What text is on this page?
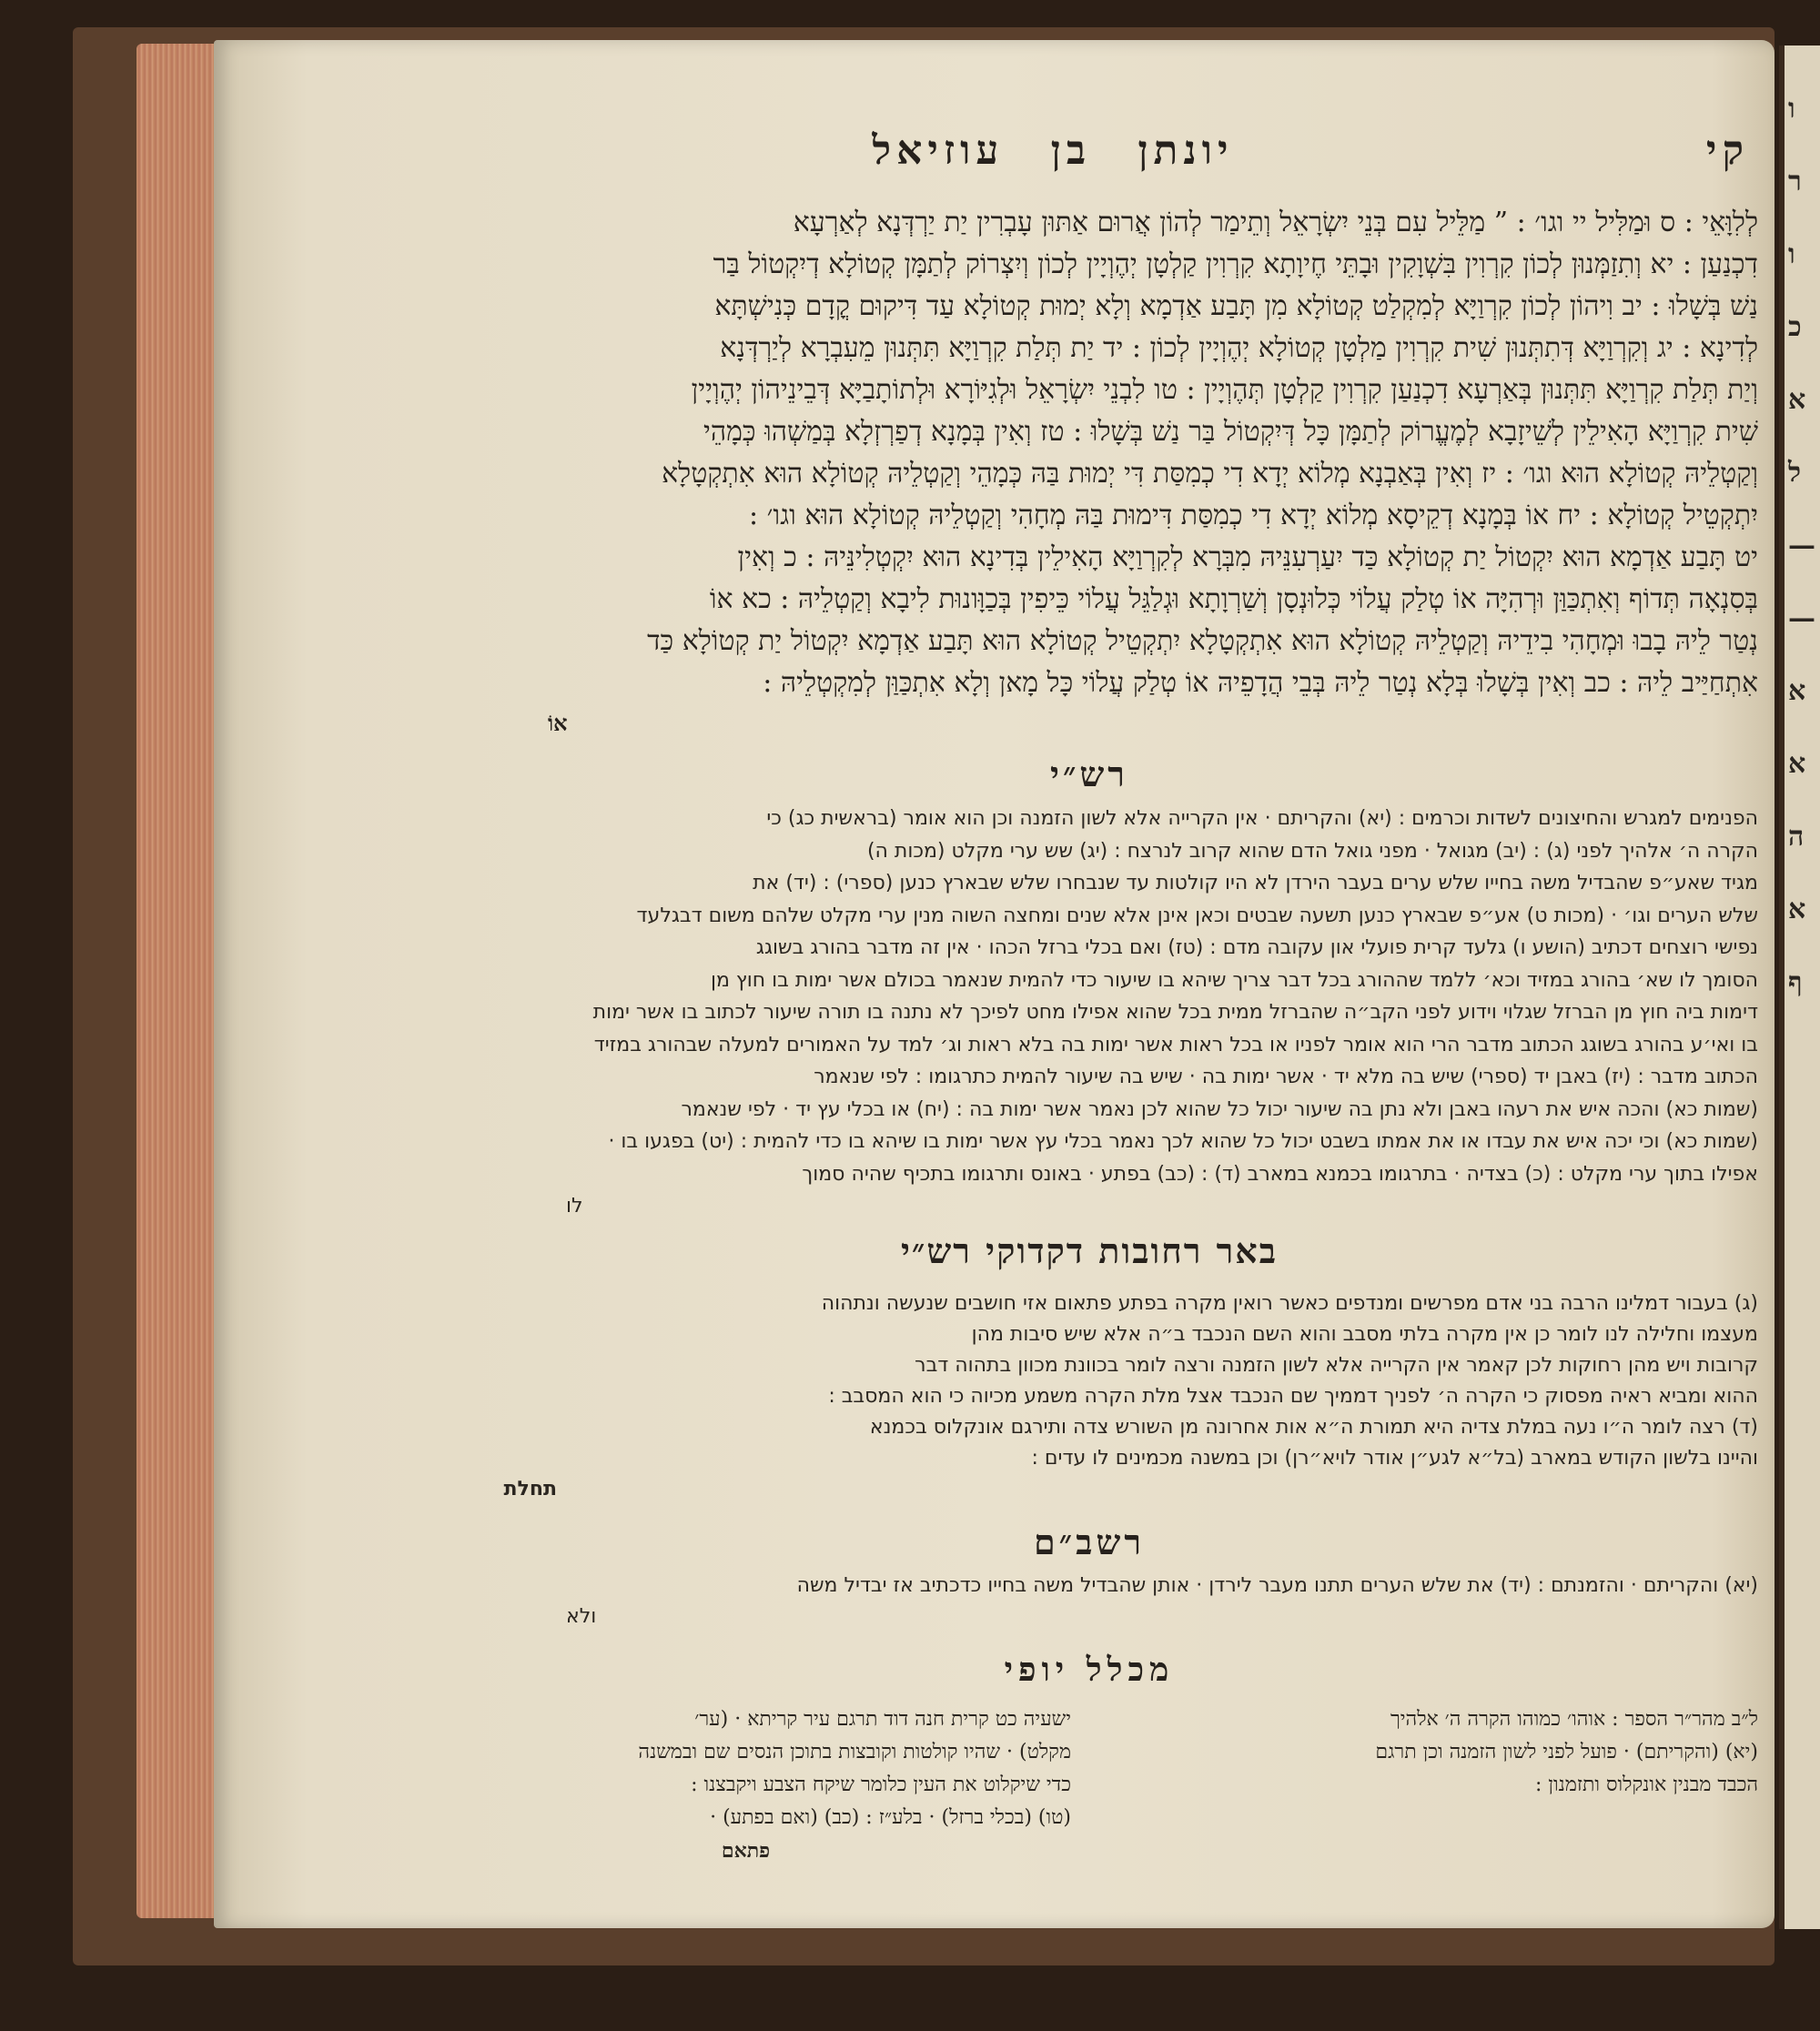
ו
ר
ו
כ
א
ל
—
—
א
א
ה
א
ף
קי
יונתן בן עוזיאל

לְלִוָּאֵי : ס וּמַלִּיל יי וגו׳ : ” מַלֵּיל עִם בְּנֵי יִשְׂרָאֵל וְתֵימַר לְהוֹן אֲרוּם אַתּוּן עָבְרִין יַת יַרְדְּנָא לְאַרְעָא

דִכְנַעַן : יא וְתִזַמְּנוּן לְכוֹן קִרְוִין בִּשְׁוָקִין וּבָתֵּי חֶיוָתָא קִרְוִין קַלְטָן יְהֶוְיָין לְכוֹן וְיִצְרוֹק לְתַמָּן קְטוֹלָא דְיִקְטוֹל בַּר

נַשׁ בְּשָׁלוּ : יב וִיהוֹן לְכוֹן קִרְוַיָּא לְמִקְלַט קְטוֹלָא מִן תָּבַע אַדְמָא וְלָא יְמוּת קְטוֹלָא עַד דִּיקוּם קֳדָם כְּנִישְׁתָּא

לְדִינָא : יג וְקִרְוַיָּא דְּתִתְּנוּן שִׁית קִרְוִין מַלְטָן קְטוֹלָא יְהֶוְיָין לְכוֹן : יד יַת תְּלַת קִרְוַיָּא תִּתְּנוּן מֵעִבְרָא לְיַרְדְּנָא

וְיַת תְּלַת קִרְוַיָּא תִּתְּנוּן בְּאַרְעָא דִכְנַעַן קִרְוִין קַלְטָן תְּהֶוְיָין : טו לִבְנֵי יִשְׂרָאֵל וּלְגִיּוֹרָא וּלְתוֹתָבַיָּא דְּבֵינֵיהוֹן יְהֶוְיָין

שִׁית קִרְוַיָּא הָאִילֵין לְשֵׁיזָבָא לְמֶעֱרוֹק לְתַמָּן כָּל דְּיִקְטוֹל בַּר נַשׁ בְּשָׁלוּ : טז וְאִין בְּמָנָא דְפַרְזְלָא בְּמַשְׁהוּ כְּמָהֵי

וְקַטְלֵיהּ קְטוֹלָא הוּא וגו׳ : יז וְאִין בְּאַבְנָא מְלוֹא יְדָא דִי כְמִסַּת דִּי יְמוּת בַּהּ כְּמָהֵי וְקַטְלֵיהּ קְטוֹלָא הוּא אִתְקְטָלָא

יִתְקְטֵיל קְטוֹלָא : יח אוֹ בְּמָנָא דְקֵיסָא מְלוֹא יְדָא דִי כְמִסַּת דִּימוּת בַּהּ מְחָהִי וְקַטְלֵיהּ קְטוֹלָא הוּא וגו׳ :

יט תָּבַע אַדְמָא הוּא יִקְטוֹל יַת קְטוֹלָא כַּד יִעַרְעִנֵּיהּ מִבְּרָא לְקִרְוַיָּא הָאִילֵין בְּדִינָא הוּא יִקְטְלִינֵּיהּ : כ וְאִין

בְּסִנְאָה תְּדוֹף וְאִתְכַּוַּן וּרְהִיָּה אוֹ טְלַק עֲלוֹי כְּלוּנְסָן וְשַׁרְוָתָא וּגְלַגֵּל עֲלוֹי כֵּיפִין בְּכַוָּונוּת לִיבָא וְקַטְלֵיהּ : כא אוֹ

נְטַר לֵיהּ בָבוּ וּמְחָהִי בִידֵיהּ וְקַטְלֵיהּ קְטוֹלָא הוּא אִתְקְטָלָא יִתְקְטֵיל קְטוֹלָא הוּא תָּבַע אַדְמָא יִקְטוֹל יַת קְטוֹלָא כַּד

אִתְחַיַּיב לֵיהּ : כב וְאִין בְּשָׁלוּ בְּלָא נְטַר לֵיהּ בְּבֵי הֲדָפֵיהּ אוֹ טְלַק עֲלוֹי כָּל מָאן וְלָא אִתְכַּוַּן לְמִקְטְלֵיהּ :

אוֹ
רש״י

הפנימים למגרש והחיצונים לשדות וכרמים : (יא) והקריתם · אין הקרייה אלא לשון הזמנה וכן הוא אומר (בראשית כג) כי

הקרה ה׳ אלהיך לפני (ג) : (יב) מגואל · מפני גואל הדם שהוא קרוב לנרצח : (יג) שש ערי מקלט (מכות ה)

מגיד שאע״פ שהבדיל משה בחייו שלש ערים בעבר הירדן לא היו קולטות עד שנבחרו שלש שבארץ כנען (ספרי) : (יד) את

שלש הערים וגו׳ · (מכות ט) אע״פ שבארץ כנען תשעה שבטים וכאן אינן אלא שנים ומחצה השוה מנין ערי מקלט שלהם משום דבגלעד

נפישי רוצחים דכתיב (הושע ו) גלעד קרית פועלי און עקובה מדם : (טז) ואם בכלי ברזל הכהו · אין זה מדבר בהורג בשוגג

הסומך לו שא׳ בהורג במזיד וכא׳ ללמד שההורג בכל דבר צריך שיהא בו שיעור כדי להמית שנאמר בכולם אשר ימות בו חוץ מן

דימות ביה חוץ מן הברזל שגלוי וידוע לפני הקב״ה שהברזל ממית בכל שהוא אפילו מחט לפיכך לא נתנה בו תורה שיעור לכתוב בו אשר ימות

בו ואי׳ע בהורג בשוגג הכתוב מדבר הרי הוא אומר לפניו או בכל ראות אשר ימות בה בלא ראות וג׳ למד על האמורים למעלה שבהורג במזיד

הכתוב מדבר : (יז) באבן יד (ספרי) שיש בה מלא יד · אשר ימות בה · שיש בה שיעור להמית כתרגומו : לפי שנאמר

(שמות כא) והכה איש את רעהו באבן ולא נתן בה שיעור יכול כל שהוא לכן נאמר אשר ימות בה : (יח) או בכלי עץ יד · לפי שנאמר

(שמות כא) וכי יכה איש את עבדו או את אמתו בשבט יכול כל שהוא לכך נאמר בכלי עץ אשר ימות בו שיהא בו כדי להמית : (יט) בפגעו בו ·

אפילו בתוך ערי מקלט : (כ) בצדיה · בתרגומו בכמנא במארב (ד) : (כב) בפתע · באונס ותרגומו בתכיף שהיה סמוך

לו

באר רחובות דקדוקי רש״י

(ג) בעבור דמלינו הרבה בני אדם מפרשים ומנדפים כאשר רואין מקרה בפתע פתאום אזי חושבים שנעשה ונתהוה

מעצמו וחלילה לנו לומר כן אין מקרה בלתי מסבב והוא השם הנכבד ב״ה אלא שיש סיבות מהן

קרובות ויש מהן רחוקות לכן קאמר אין הקרייה אלא לשון הזמנה ורצה לומר בכוונת מכוון בתהוה דבר

ההוא ומביא ראיה מפסוק כי הקרה ה׳ לפניך דממיך שם הנכבד אצל מלת הקרה משמע מכיוה כי הוא המסבב :

(ד) רצה לומר ה״ו נעה במלת צדיה היא תמורת ה״א אות אחרונה מן השורש צדה ותירגם אונקלוס בכמנא

והיינו בלשון הקודש במארב (בל״א לגע״ן אודר לויא״רן) וכן במשנה מכמינים לו עדים :

תחלת

רשב״ם

(יא) והקריתם · והזמנתם : (יד) את שלש הערים תתנו מעבר לירדן · אותן שהבדיל משה בחייו כדכתיב אז יבדיל משה

ולא

מכלל יופי

ל״ב מהר״ר הספר : אוהו׳ כמוהו הקרה ה׳ אלהיך

(יא) (והקריתם) · פועל לפני לשון הזמנה וכן תרגם

הכבד מבנין אונקלוס ותזמנון :

ישעיה כט קרית חנה דוד תרגם עיר קריתא · (ער׳

מקלט) · שהיו קולטות וקובצות בתוכן הנסים שם ובמשנה

כדי שיקלוט את העין כלומר שיקח הצבע ויקבצנו :

(טו) (בכלי ברזל) · בלע״ז : (כב) (ואם בפתע) ·

פתאם
